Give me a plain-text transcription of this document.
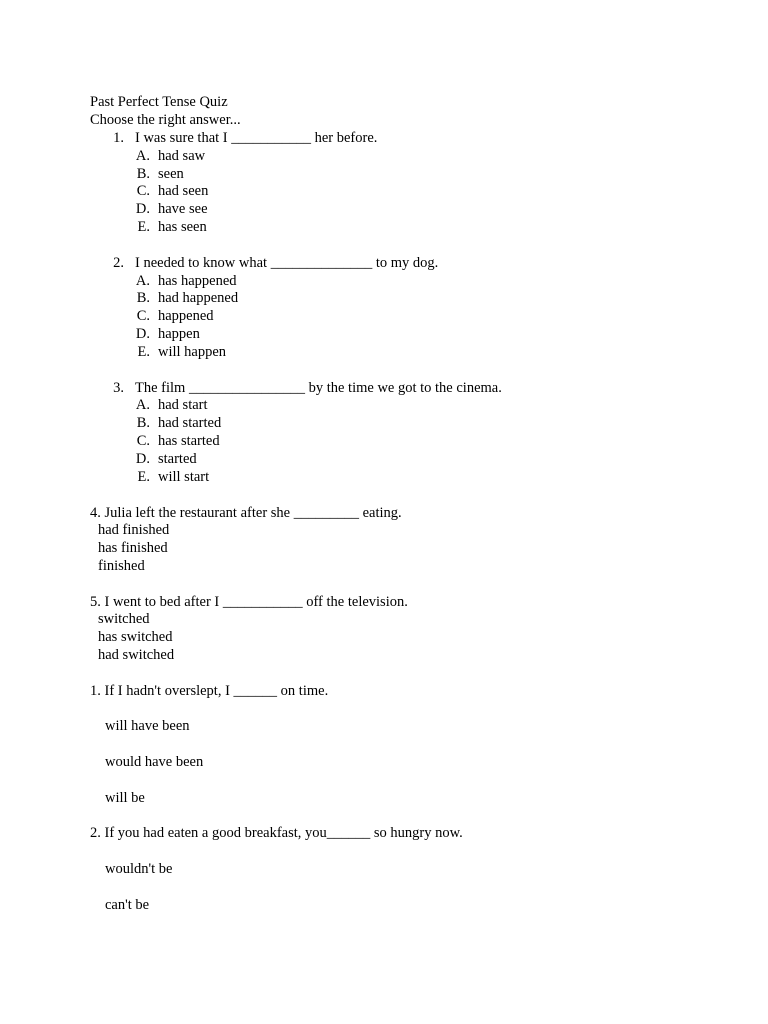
Past Perfect Tense Quiz
Choose the right answer...
1. I was sure that I ___________ her before.
A. had saw
B. seen
C. had seen
D. have see
E. has seen
2. I needed to know what ______________ to my dog.
A. has happened
B. had happened
C. happened
D. happen
E. will happen
3. The film ________________ by the time we got to the cinema.
A. had start
B. had started
C. has started
D. started
E. will start
4. Julia left the restaurant after she _________ eating.
had finished
has finished
finished
5. I went to bed after I ___________ off the television.
switched
has switched
had switched
1. If I hadn't overslept, I ______ on time.
will have been
would have been
will be
2. If you had eaten a good breakfast, you______ so hungry now.
wouldn't be
can't be
